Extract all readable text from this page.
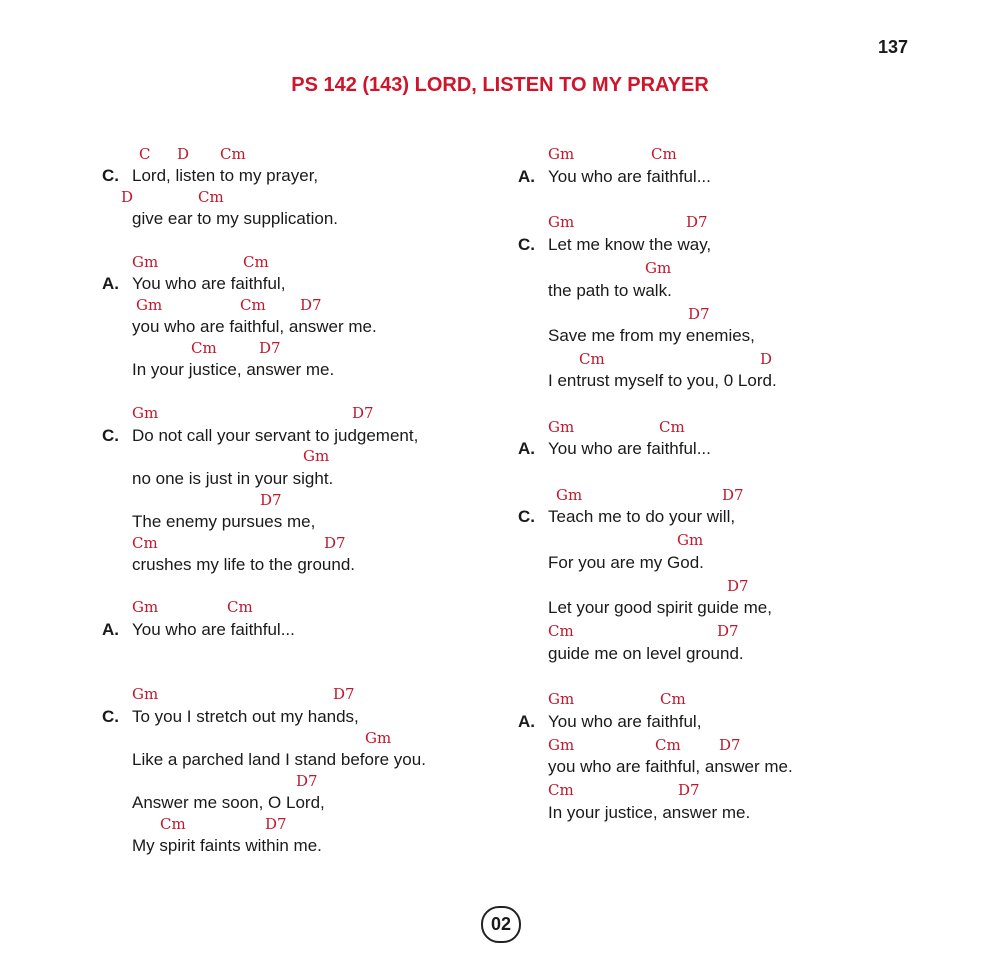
137
PS 142 (143) LORD, LISTEN TO MY PRAYER
Lord, listen to my prayer,
give ear to my supplication.
You who are faithful,
you who are faithful, answer me.
In your justice, answer me.
Do not call your servant to judgement,
no one is just in your sight.
The enemy pursues me,
crushes my life to the ground.
You who are faithful...
To you I stretch out my hands,
Like a parched land I stand before you.
Answer me soon, O Lord,
My spirit faints within me.
You who are faithful...
Let me know the way,
the path to walk.
Save me from my enemies,
I entrust myself to you, 0 Lord.
You who are faithful...
Teach me to do your will,
For you are my God.
Let your good spirit guide me,
guide me on level ground.
You who are faithful,
you who are faithful, answer me.
In your justice, answer me.
C.
A.
C.
A.
C.
A.
C.
A.
C.
A.
C D Cm
D	Cm
Gm	Cm
Gm	Cm D7
Cm	D7
Gm	D7
Gm
D7
Cm	D7
Gm	Cm
Gm	D7
Gm
D7
Cm	D7
Gm	Cm
Gm	D7
Gm
D7
Cm	D
Gm	Cm
Gm	D7
Gm
D7
Cm	D7
Gm	Cm
Gm	Cm	D7
Cm	D7
02
